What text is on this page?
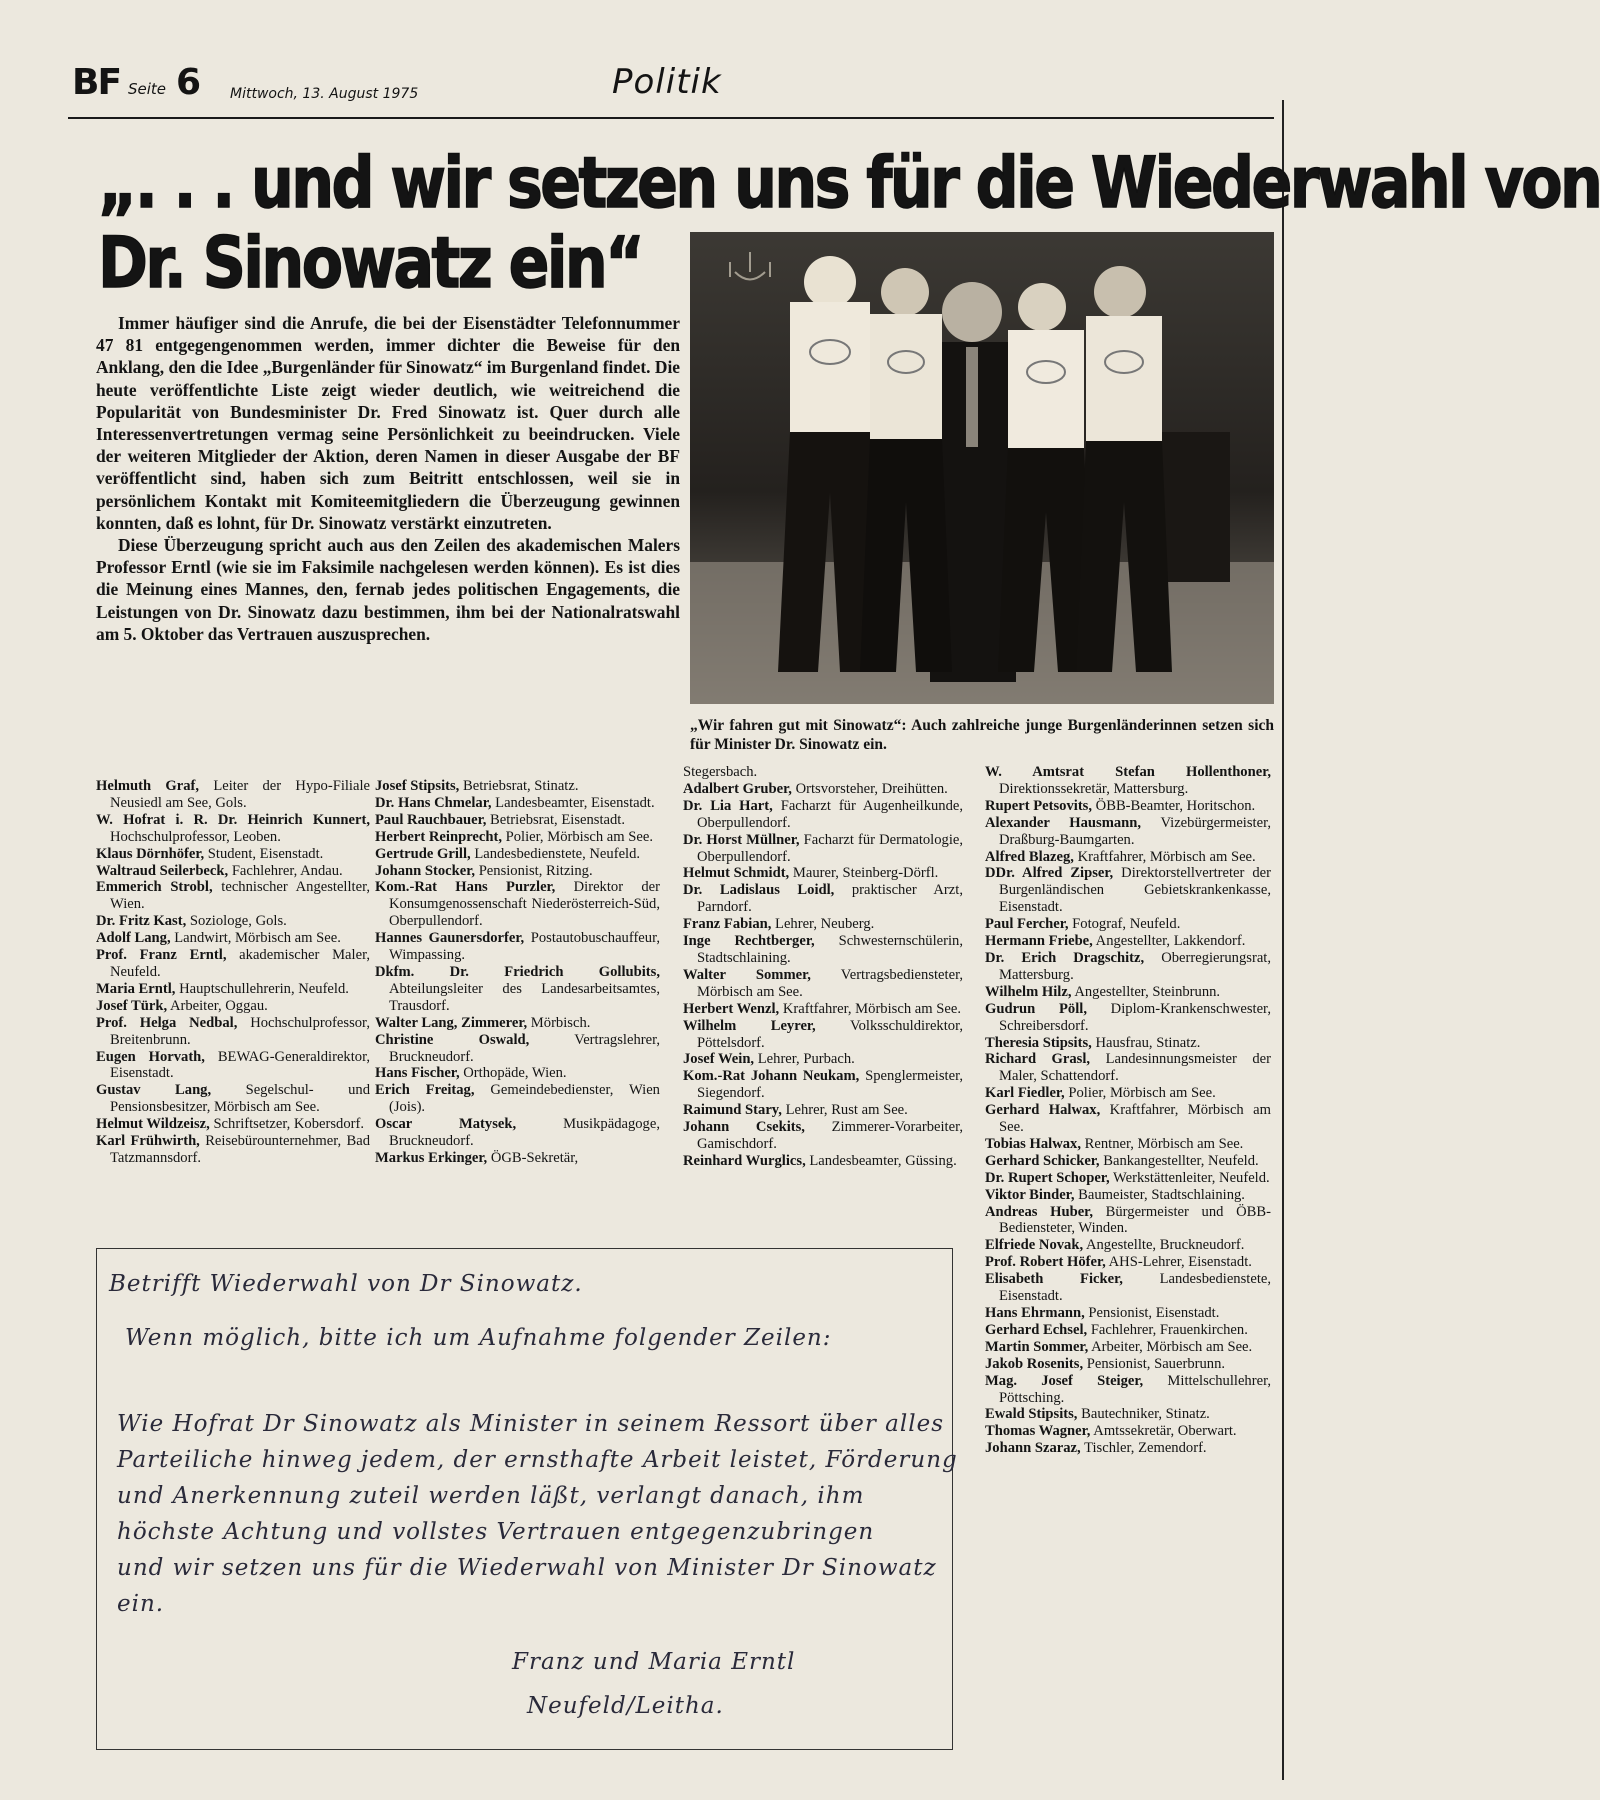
BF Seite 6 Mittwoch, 13. August 1975	Politik
„. . . und wir setzen uns für die Wiederwahl von
Dr. Sinowatz ein“

Immer häufiger sind die Anrufe, die bei der Eisenstädter Telefonnummer 47 81 entgegengenommen werden, immer dichter die Beweise für den Anklang, den die Idee „Burgenländer für Sinowatz“ im Burgenland findet. Die heute veröffentlichte Liste zeigt wieder deutlich, wie weitreichend die Popularität von Bundesminister Dr. Fred Sinowatz ist. Quer durch alle Interessenvertretungen vermag seine Persönlichkeit zu beeindrucken. Viele der weiteren Mitglieder der Aktion, deren Namen in dieser Ausgabe der BF veröffentlicht sind, haben sich zum Beitritt entschlossen, weil sie in persönlichem Kontakt mit Komiteemitgliedern die Überzeugung gewinnen konnten, daß es lohnt, für Dr. Sinowatz verstärkt einzutreten.

Diese Überzeugung spricht auch aus den Zeilen des akademischen Malers Professor Erntl (wie sie im Faksimile nachgelesen werden können). Es ist dies die Meinung eines Mannes, den, fernab jedes politischen Engagements, die Leistungen von Dr. Sinowatz dazu bestimmen, ihm bei der Nationalratswahl am 5. Oktober das Vertrauen auszusprechen.

„Wir fahren gut mit Sinowatz“: Auch zahlreiche junge Burgenländerinnen setzen sich für Minister Dr. Sinowatz ein.
Helmuth Graf, Leiter der Hypo-Filiale Neusiedl am See, Gols.
W. Hofrat i. R. Dr. Heinrich Kunnert, Hochschulprofessor, Leoben.
Klaus Dörnhöfer, Student, Eisenstadt.
Waltraud Seilerbeck, Fachlehrer, Andau.
Emmerich Strobl, technischer Angestellter, Wien.
Dr. Fritz Kast, Soziologe, Gols.
Adolf Lang, Landwirt, Mörbisch am See.
Prof. Franz Erntl, akademischer Maler, Neufeld.
Maria Erntl, Hauptschullehrerin, Neufeld.
Josef Türk, Arbeiter, Oggau.
Prof. Helga Nedbal, Hochschulprofessor, Breitenbrunn.
Eugen Horvath, BEWAG-Generaldirektor, Eisenstadt.
Gustav Lang, Segelschul- und Pensionsbesitzer, Mörbisch am See.
Helmut Wildzeisz, Schriftsetzer, Kobersdorf.
Karl Frühwirth, Reisebürounternehmer, Bad Tatzmannsdorf.
Josef Stipsits, Betriebsrat, Stinatz.
Dr. Hans Chmelar, Landesbeamter, Eisenstadt.
Paul Rauchbauer, Betriebsrat, Eisenstadt.
Herbert Reinprecht, Polier, Mörbisch am See.
Gertrude Grill, Landesbedienstete, Neufeld.
Johann Stocker, Pensionist, Ritzing.
Kom.-Rat Hans Purzler, Direktor der Konsumgenossenschaft Niederösterreich-Süd, Oberpullendorf.
Hannes Gaunersdorfer, Postautobuschauffeur, Wimpassing.
Dkfm. Dr. Friedrich Gollubits, Abteilungsleiter des Landesarbeitsamtes, Trausdorf.
Walter Lang, Zimmerer, Mörbisch.
Christine Oswald,	Vertragslehrer, Bruckneudorf.
Hans Fischer, Orthopäde, Wien.
Erich Freitag, Gemeindebedienster, Wien (Jois).
Oscar Matysek,	Musikpädagoge, Bruckneudorf.
Markus Erkinger, ÖGB-Sekretär,
Stegersbach.
Adalbert Gruber, Ortsvorsteher, Dreihütten.
Dr. Lia Hart, Facharzt für Augenheilkunde, Oberpullendorf.
Dr. Horst Müllner, Facharzt für Dermatologie, Oberpullendorf.
Helmut Schmidt, Maurer, Steinberg-Dörfl.
Dr. Ladislaus Loidl, praktischer Arzt, Parndorf.
Franz Fabian, Lehrer, Neuberg.
Inge Rechtberger, Schwesternschülerin, Stadtschlaining.
Walter Sommer, Vertragsbediensteter, Mörbisch am See.
Herbert Wenzl, Kraftfahrer, Mörbisch am See.
Wilhelm Leyrer, Volksschuldirektor, Pöttelsdorf.
Josef Wein, Lehrer, Purbach.
Kom.-Rat Johann Neukam, Spenglermeister, Siegendorf.
Raimund Stary, Lehrer, Rust am See.
Johann Csekits, Zimmerer-Vorarbeiter, Gamischdorf.
Reinhard Wurglics, Landesbeamter, Güssing.
W. Amtsrat Stefan Hollenthoner, Direktionssekretär, Mattersburg.
Rupert Petsovits, ÖBB-Beamter, Horitschon.
Alexander Hausmann, Vizebürgermeister, Draßburg-Baumgarten.
Alfred Blazeg, Kraftfahrer, Mörbisch am See.
DDr. Alfred Zipser, Direktorstellvertreter der Burgenländischen Gebietskrankenkasse, Eisenstadt.
Paul Fercher, Fotograf, Neufeld.
Hermann Friebe, Angestellter, Lakkendorf.
Dr. Erich Dragschitz, Oberregierungsrat, Mattersburg.
Wilhelm Hilz, Angestellter, Steinbrunn.
Gudrun Pöll, Diplom-Krankenschwester, Schreibersdorf.
Theresia Stipsits, Hausfrau, Stinatz.
Richard Grasl, Landesinnungsmeister der Maler, Schattendorf.
Karl Fiedler, Polier, Mörbisch am See.
Gerhard Halwax, Kraftfahrer, Mörbisch am See.
Tobias Halwax, Rentner, Mörbisch am See.
Gerhard Schicker, Bankangestellter, Neufeld.
Dr. Rupert Schoper, Werkstättenleiter, Neufeld.
Viktor Binder, Baumeister, Stadtschlaining.
Andreas Huber, Bürgermeister und ÖBB-Bediensteter, Winden.
Elfriede Novak, Angestellte, Bruckneudorf.
Prof. Robert Höfer, AHS-Lehrer, Eisenstadt.
Elisabeth Ficker,	Landesbedienstete, Eisenstadt.
Hans Ehrmann, Pensionist, Eisenstadt.
Gerhard Echsel, Fachlehrer, Frauenkirchen.
Martin Sommer, Arbeiter, Mörbisch am See.
Jakob Rosenits, Pensionist, Sauerbrunn.
Mag. Josef Steiger, Mittelschullehrer, Pöttsching.
Ewald Stipsits, Bautechniker, Stinatz.
Thomas Wagner, Amtssekretär, Oberwart.
Johann Szaraz, Tischler, Zemendorf.
Betrifft Wiederwahl von Dr Sinowatz.
Wenn möglich, bitte ich um Aufnahme folgender Zeilen:
Wie Hofrat Dr Sinowatz als Minister in seinem Ressort über alles
Parteiliche hinweg jedem, der ernsthafte Arbeit leistet, Förderung
und Anerkennung zuteil werden läßt, verlangt danach, ihm
höchste Achtung und vollstes Vertrauen entgegenzubringen
und wir setzen uns für die Wiederwahl von Minister Dr Sinowatz
ein.
Franz und Maria Erntl
Neufeld/Leitha.
